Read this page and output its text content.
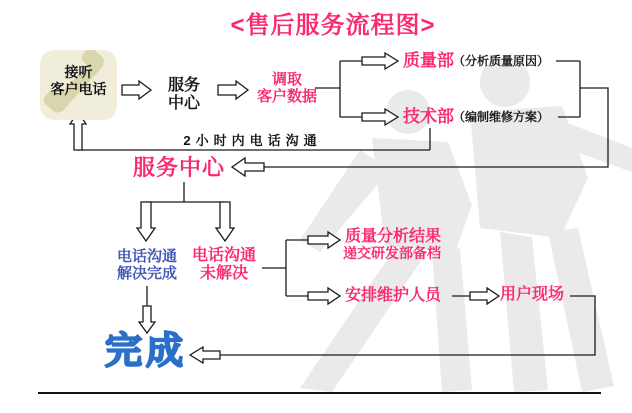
<售后服务流程图>
接听
客户电话	服务
中心
调取
客户数据
质量部 （分析质量原因）
技术部 （编制维修方案）
2小时内电话沟通
服务中心
电话沟通
解决完成
电话沟通
未解决
质量分析结果
递交研发部备档
安排维护人员	用户现场
完成
